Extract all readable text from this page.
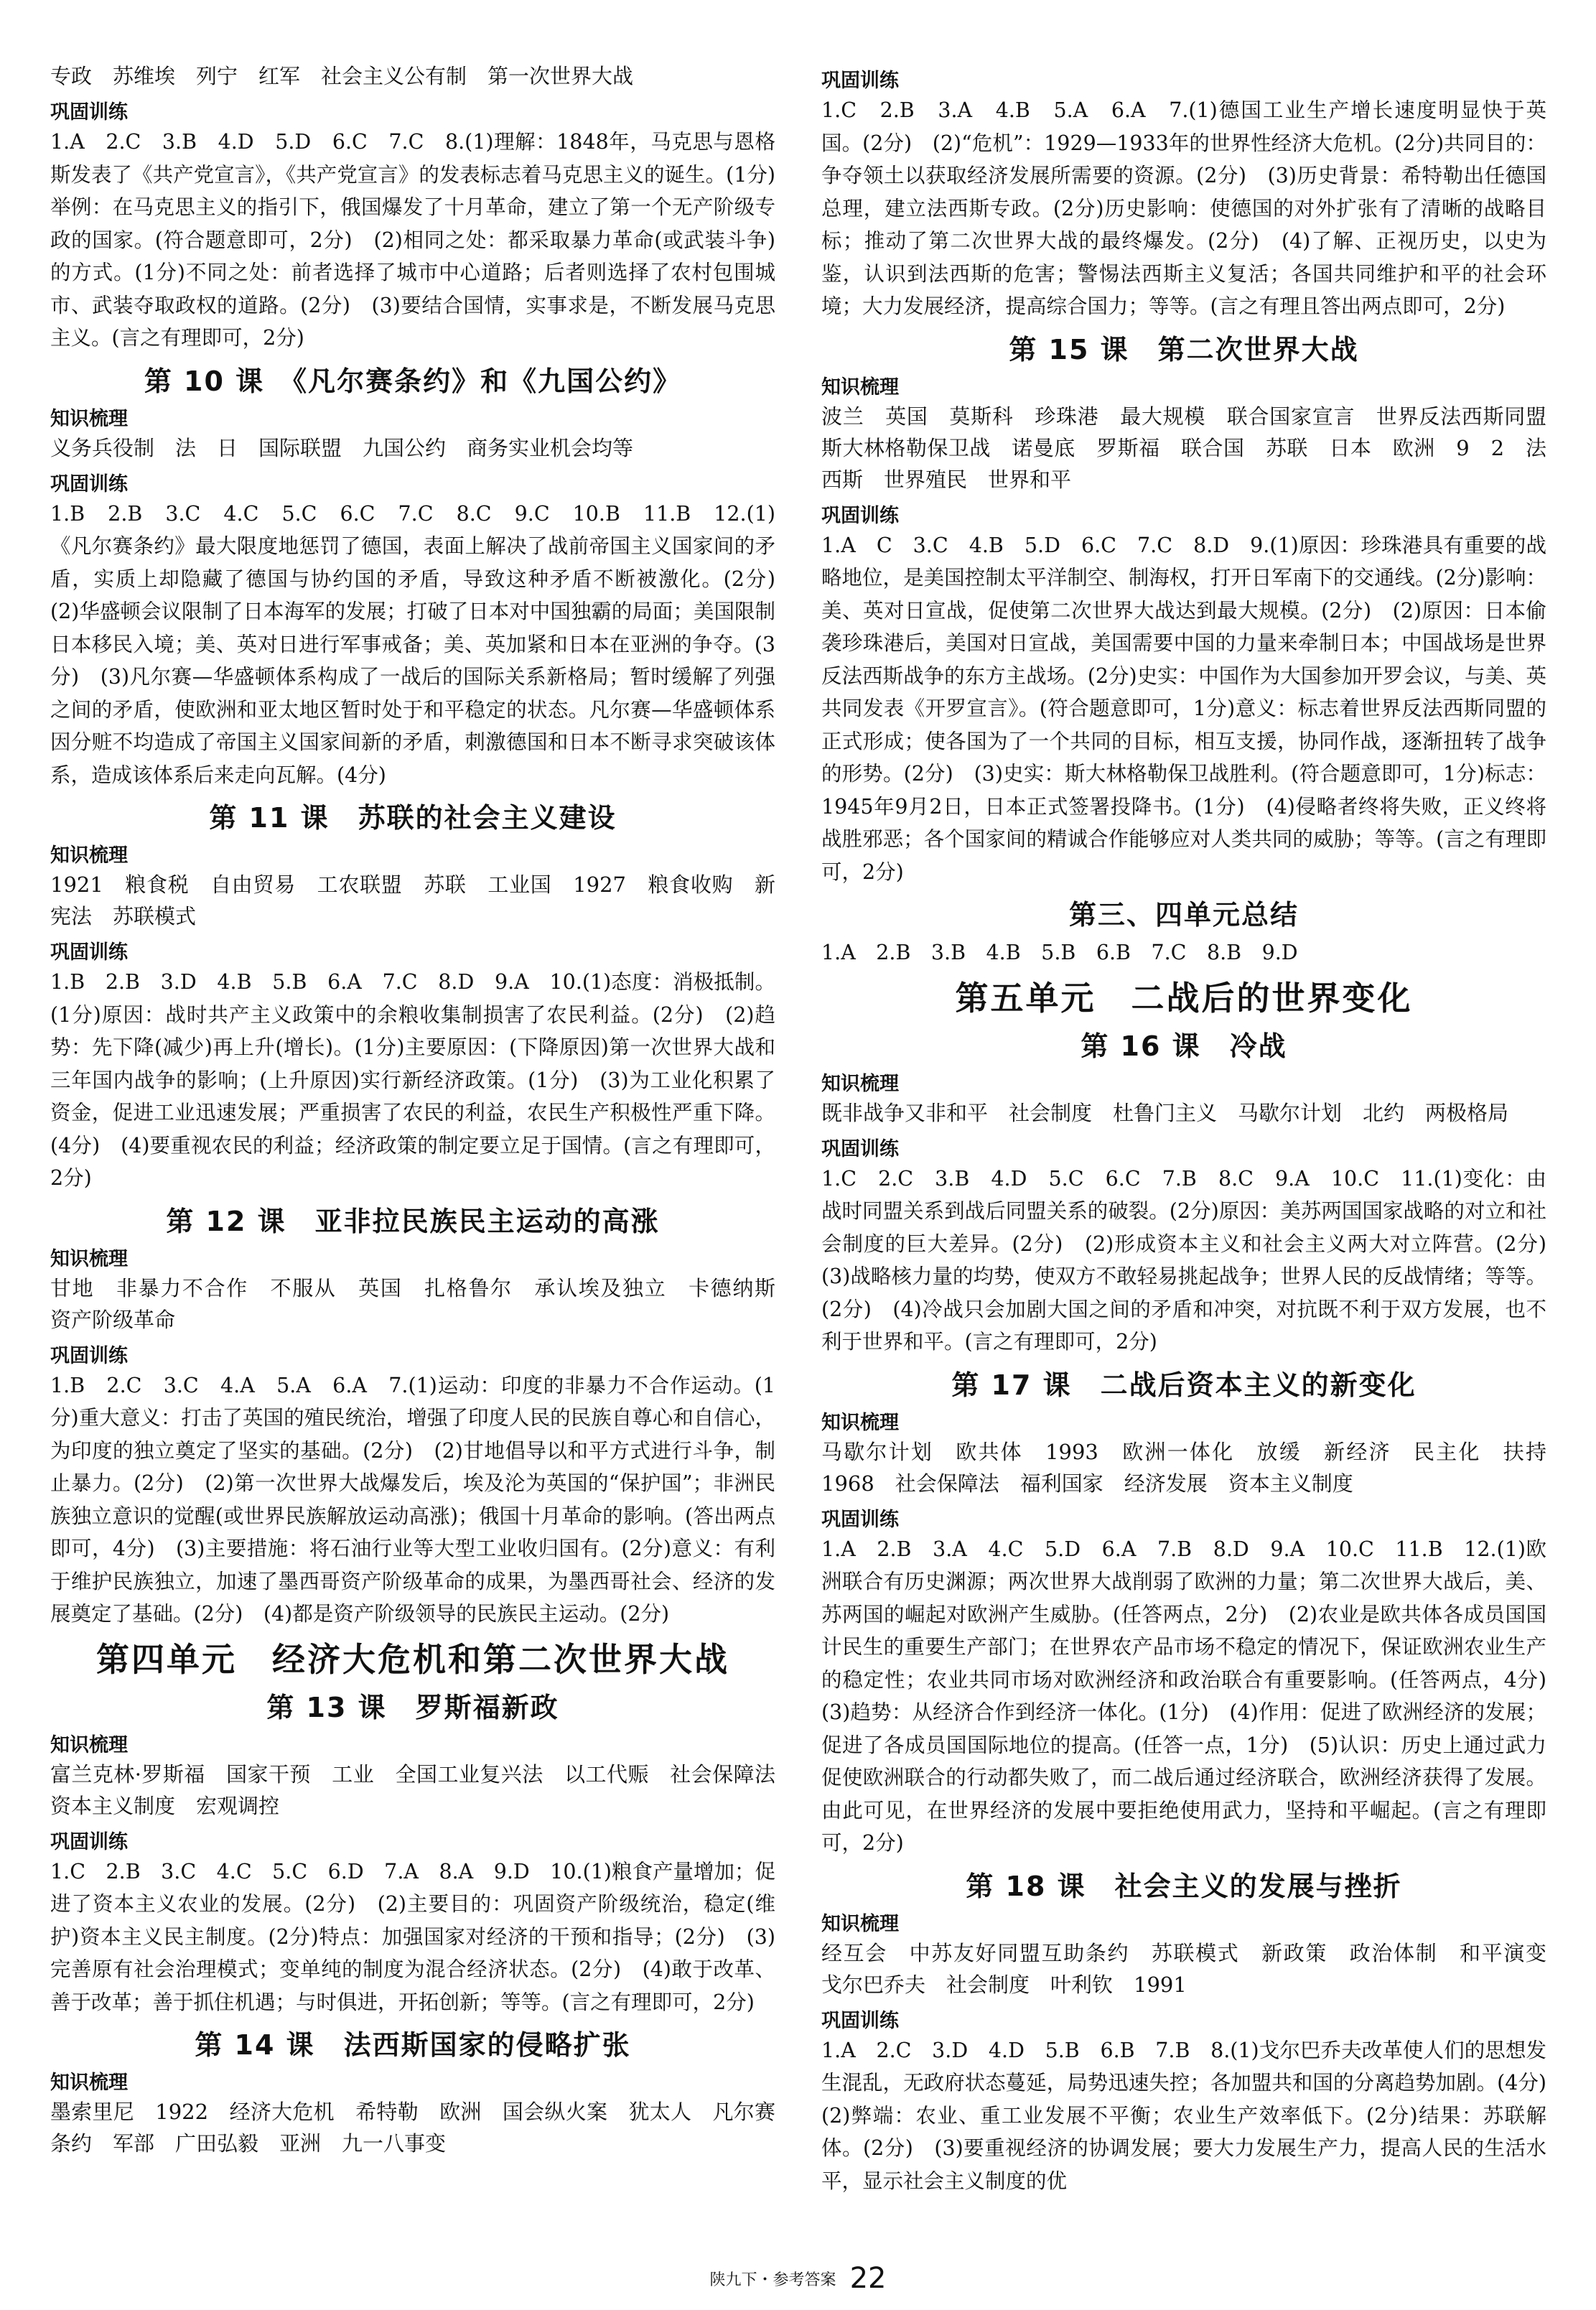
专政　苏维埃　列宁　红军　社会主义公有制　第一次世界大战

巩固训练

1.A　2.C　3.B　4.D　5.D　6.C　7.C　8.(1)理解：1848年，马克思与恩格斯发表了《共产党宣言》，《共产党宣言》的发表标志着马克思主义的诞生。(1分)举例：在马克思主义的指引下，俄国爆发了十月革命，建立了第一个无产阶级专政的国家。(符合题意即可，2分)　(2)相同之处：都采取暴力革命(或武装斗争)的方式。(1分)不同之处：前者选择了城市中心道路；后者则选择了农村包围城市、武装夺取政权的道路。(2分)　(3)要结合国情，实事求是，不断发展马克思主义。(言之有理即可，2分)

第 10 课　《凡尔赛条约》和《九国公约》
知识梳理

义务兵役制　法　日　国际联盟　九国公约　商务实业机会均等

巩固训练

1.B　2.B　3.C　4.C　5.C　6.C　7.C　8.C　9.C　10.B　11.B　12.(1)《凡尔赛条约》最大限度地惩罚了德国，表面上解决了战前帝国主义国家间的矛盾，实质上却隐藏了德国与协约国的矛盾，导致这种矛盾不断被激化。(2分)　(2)华盛顿会议限制了日本海军的发展；打破了日本对中国独霸的局面；美国限制日本移民入境；美、英对日进行军事戒备；美、英加紧和日本在亚洲的争夺。(3分)　(3)凡尔赛—华盛顿体系构成了一战后的国际关系新格局；暂时缓解了列强之间的矛盾，使欧洲和亚太地区暂时处于和平稳定的状态。凡尔赛—华盛顿体系因分赃不均造成了帝国主义国家间新的矛盾，刺激德国和日本不断寻求突破该体系，造成该体系后来走向瓦解。(4分)

第 11 课　苏联的社会主义建设
知识梳理

1921　粮食税　自由贸易　工农联盟　苏联　工业国　1927　粮食收购　新宪法　苏联模式

巩固训练

1.B　2.B　3.D　4.B　5.B　6.A　7.C　8.D　9.A　10.(1)态度：消极抵制。(1分)原因：战时共产主义政策中的余粮收集制损害了农民利益。(2分)　(2)趋势：先下降(减少)再上升(增长)。(1分)主要原因：(下降原因)第一次世界大战和三年国内战争的影响；(上升原因)实行新经济政策。(1分)　(3)为工业化积累了资金，促进工业迅速发展；严重损害了农民的利益，农民生产积极性严重下降。(4分)　(4)要重视农民的利益；经济政策的制定要立足于国情。(言之有理即可，2分)

第 12 课　亚非拉民族民主运动的高涨
知识梳理

甘地　非暴力不合作　不服从　英国　扎格鲁尔　承认埃及独立　卡德纳斯　资产阶级革命

巩固训练

1.B　2.C　3.C　4.A　5.A　6.A　7.(1)运动：印度的非暴力不合作运动。(1分)重大意义：打击了英国的殖民统治，增强了印度人民的民族自尊心和自信心，为印度的独立奠定了坚实的基础。(2分)　(2)甘地倡导以和平方式进行斗争，制止暴力。(2分)　(2)第一次世界大战爆发后，埃及沦为英国的“保护国”；非洲民族独立意识的觉醒(或世界民族解放运动高涨)；俄国十月革命的影响。(答出两点即可，4分)　(3)主要措施：将石油行业等大型工业收归国有。(2分)意义：有利于维护民族独立，加速了墨西哥资产阶级革命的成果，为墨西哥社会、经济的发展奠定了基础。(2分)　(4)都是资产阶级领导的民族民主运动。(2分)

第四单元　经济大危机和第二次世界大战
第 13 课　罗斯福新政
知识梳理

富兰克林·罗斯福　国家干预　工业　全国工业复兴法　以工代赈　社会保障法　资本主义制度　宏观调控

巩固训练

1.C　2.B　3.C　4.C　5.C　6.D　7.A　8.A　9.D　10.(1)粮食产量增加；促进了资本主义农业的发展。(2分)　(2)主要目的：巩固资产阶级统治，稳定(维护)资本主义民主制度。(2分)特点：加强国家对经济的干预和指导；(2分)　(3)完善原有社会治理模式；变单纯的制度为混合经济状态。(2分)　(4)敢于改革、善于改革；善于抓住机遇；与时俱进，开拓创新；等等。(言之有理即可，2分)

第 14 课　法西斯国家的侵略扩张
知识梳理

墨索里尼　1922　经济大危机　希特勒　欧洲　国会纵火案　犹太人　凡尔赛条约　军部　广田弘毅　亚洲　九一八事变

巩固训练

1.C　2.B　3.A　4.B　5.A　6.A　7.(1)德国工业生产增长速度明显快于英国。(2分)　(2)“危机”：1929—1933年的世界性经济大危机。(2分)共同目的：争夺领土以获取经济发展所需要的资源。(2分)　(3)历史背景：希特勒出任德国总理，建立法西斯专政。(2分)历史影响：使德国的对外扩张有了清晰的战略目标；推动了第二次世界大战的最终爆发。(2分)　(4)了解、正视历史，以史为鉴，认识到法西斯的危害；警惕法西斯主义复活；各国共同维护和平的社会环境；大力发展经济，提高综合国力；等等。(言之有理且答出两点即可，2分)

第 15 课　第二次世界大战
知识梳理

波兰　英国　莫斯科　珍珠港　最大规模　联合国家宣言　世界反法西斯同盟　斯大林格勒保卫战　诺曼底　罗斯福　联合国　苏联　日本　欧洲　9　2　法西斯　世界殖民　世界和平

巩固训练

1.A　C　3.C　4.B　5.D　6.C　7.C　8.D　9.(1)原因：珍珠港具有重要的战略地位，是美国控制太平洋制空、制海权，打开日军南下的交通线。(2分)影响：美、英对日宣战，促使第二次世界大战达到最大规模。(2分)　(2)原因：日本偷袭珍珠港后，美国对日宣战，美国需要中国的力量来牵制日本；中国战场是世界反法西斯战争的东方主战场。(2分)史实：中国作为大国参加开罗会议，与美、英共同发表《开罗宣言》。(符合题意即可，1分)意义：标志着世界反法西斯同盟的正式形成；使各国为了一个共同的目标，相互支援，协同作战，逐渐扭转了战争的形势。(2分)　(3)史实：斯大林格勒保卫战胜利。(符合题意即可，1分)标志：1945年9月2日，日本正式签署投降书。(1分)　(4)侵略者终将失败，正义终将战胜邪恶；各个国家间的精诚合作能够应对人类共同的威胁；等等。(言之有理即可，2分)

第三、四单元总结

1.A　2.B　3.B　4.B　5.B　6.B　7.C　8.B　9.D

第五单元　二战后的世界变化
第 16 课　冷战
知识梳理

既非战争又非和平　社会制度　杜鲁门主义　马歇尔计划　北约　两极格局

巩固训练

1.C　2.C　3.B　4.D　5.C　6.C　7.B　8.C　9.A　10.C　11.(1)变化：由战时同盟关系到战后同盟关系的破裂。(2分)原因：美苏两国国家战略的对立和社会制度的巨大差异。(2分)　(2)形成资本主义和社会主义两大对立阵营。(2分)　(3)战略核力量的均势，使双方不敢轻易挑起战争；世界人民的反战情绪；等等。(2分)　(4)冷战只会加剧大国之间的矛盾和冲突，对抗既不利于双方发展，也不利于世界和平。(言之有理即可，2分)

第 17 课　二战后资本主义的新变化
知识梳理

马歇尔计划　欧共体　1993　欧洲一体化　放缓　新经济　民主化　扶持　1968　社会保障法　福利国家　经济发展　资本主义制度

巩固训练

1.A　2.B　3.A　4.C　5.D　6.A　7.B　8.D　9.A　10.C　11.B　12.(1)欧洲联合有历史渊源；两次世界大战削弱了欧洲的力量；第二次世界大战后，美、苏两国的崛起对欧洲产生威胁。(任答两点，2分)　(2)农业是欧共体各成员国国计民生的重要生产部门；在世界农产品市场不稳定的情况下，保证欧洲农业生产的稳定性；农业共同市场对欧洲经济和政治联合有重要影响。(任答两点，4分)　(3)趋势：从经济合作到经济一体化。(1分)　(4)作用：促进了欧洲经济的发展；促进了各成员国国际地位的提高。(任答一点，1分)　(5)认识：历史上通过武力促使欧洲联合的行动都失败了，而二战后通过经济联合，欧洲经济获得了发展。由此可见，在世界经济的发展中要拒绝使用武力，坚持和平崛起。(言之有理即可，2分)

第 18 课　社会主义的发展与挫折
知识梳理

经互会　中苏友好同盟互助条约　苏联模式　新政策　政治体制　和平演变　戈尔巴乔夫　社会制度　叶利钦　1991

巩固训练

1.A　2.C　3.D　4.D　5.B　6.B　7.B　8.(1)戈尔巴乔夫改革使人们的思想发生混乱，无政府状态蔓延，局势迅速失控；各加盟共和国的分离趋势加剧。(4分)　(2)弊端：农业、重工业发展不平衡；农业生产效率低下。(2分)结果：苏联解体。(2分)　(3)要重视经济的协调发展；要大力发展生产力，提高人民的生活水平，显示社会主义制度的优

陕九下・参考答案 22
